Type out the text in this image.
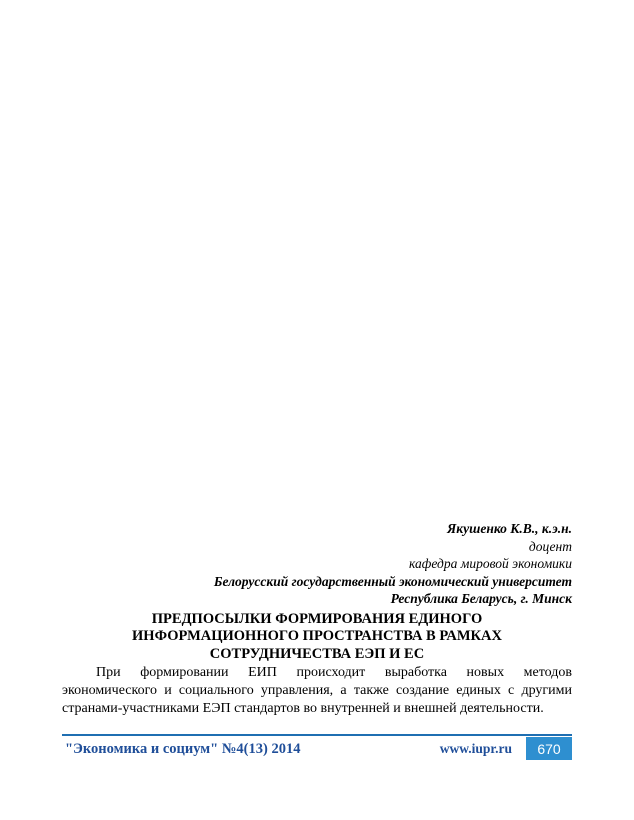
Якушенко К.В., к.э.н.
доцент
кафедра мировой экономики
Белорусский государственный экономический университет
Республика Беларусь, г. Минск
ПРЕДПОСЫЛКИ ФОРМИРОВАНИЯ ЕДИНОГО
ИНФОРМАЦИОННОГО ПРОСТРАНСТВА В РАМКАХ
СОТРУДНИЧЕСТВА ЕЭП И ЕС
При формировании ЕИП происходит выработка новых методов экономического и социального управления, а также создание единых с другими странами-участниками ЕЭП стандартов во внутренней и внешней деятельности.
"Экономика и социум" №4(13) 2014	www.iupr.ru	670
